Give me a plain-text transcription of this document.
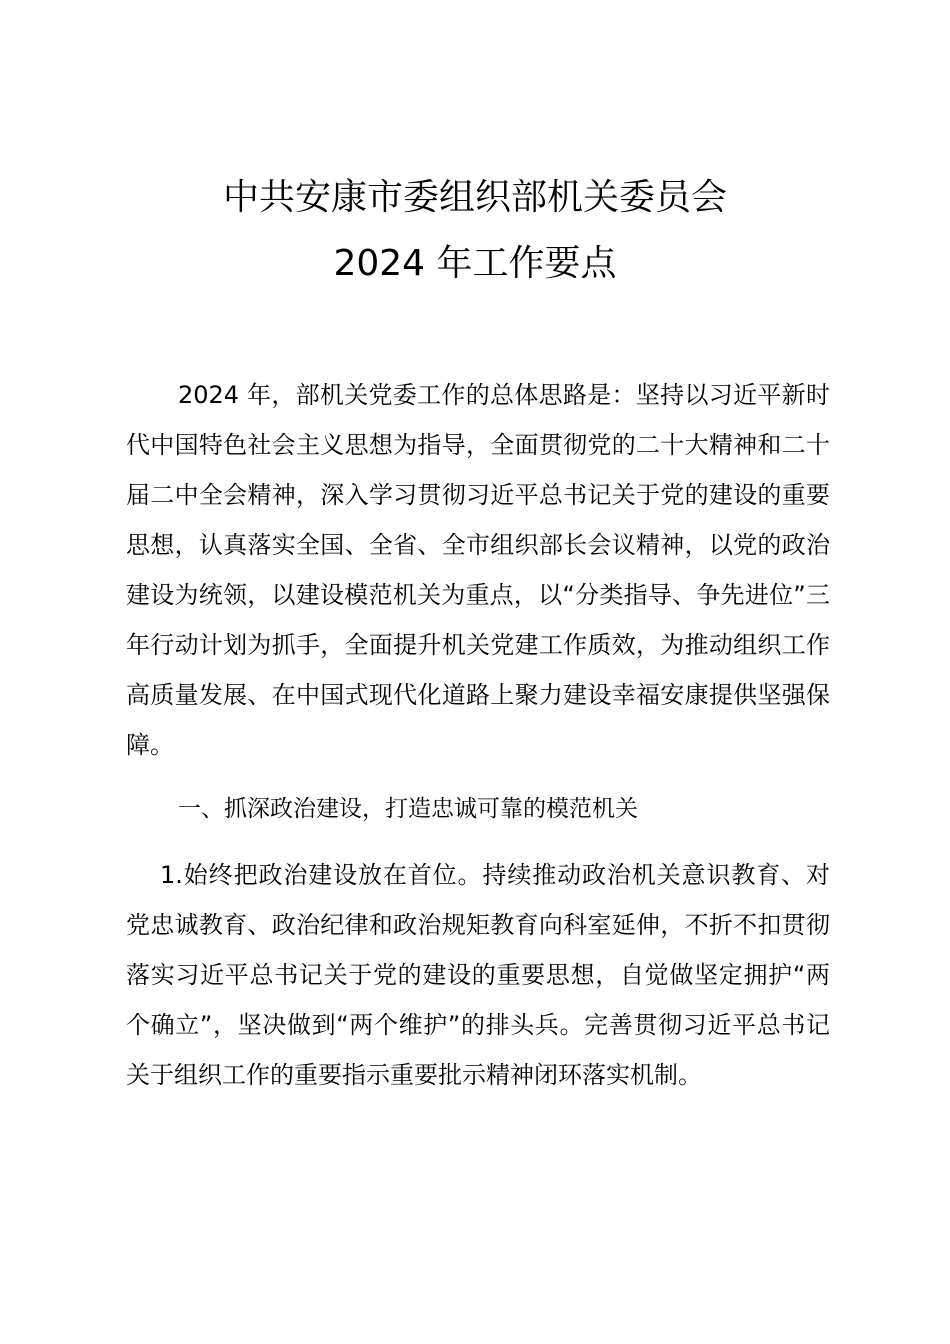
中共安康市委组织部机关委员会
2024 年工作要点

2024 年，部机关党委工作的总体思路是：坚持以习近平新时代中国特色社会主义思想为指导，全面贯彻党的二十大精神和二十届二中全会精神，深入学习贯彻习近平总书记关于党的建设的重要思想，认真落实全国、全省、全市组织部长会议精神，以党的政治建设为统领，以建设模范机关为重点，以“分类指导、争先进位”三年行动计划为抓手，全面提升机关党建工作质效，为推动组织工作高质量发展、在中国式现代化道路上聚力建设幸福安康提供坚强保障。

一、抓深政治建设，打造忠诚可靠的模范机关

1.始终把政治建设放在首位。持续推动政治机关意识教育、对党忠诚教育、政治纪律和政治规矩教育向科室延伸，不折不扣贯彻落实习近平总书记关于党的建设的重要思想，自觉做坚定拥护“两个确立”，坚决做到“两个维护”的排头兵。完善贯彻习近平总书记关于组织工作的重要指示重要批示精神闭环落实机制。
